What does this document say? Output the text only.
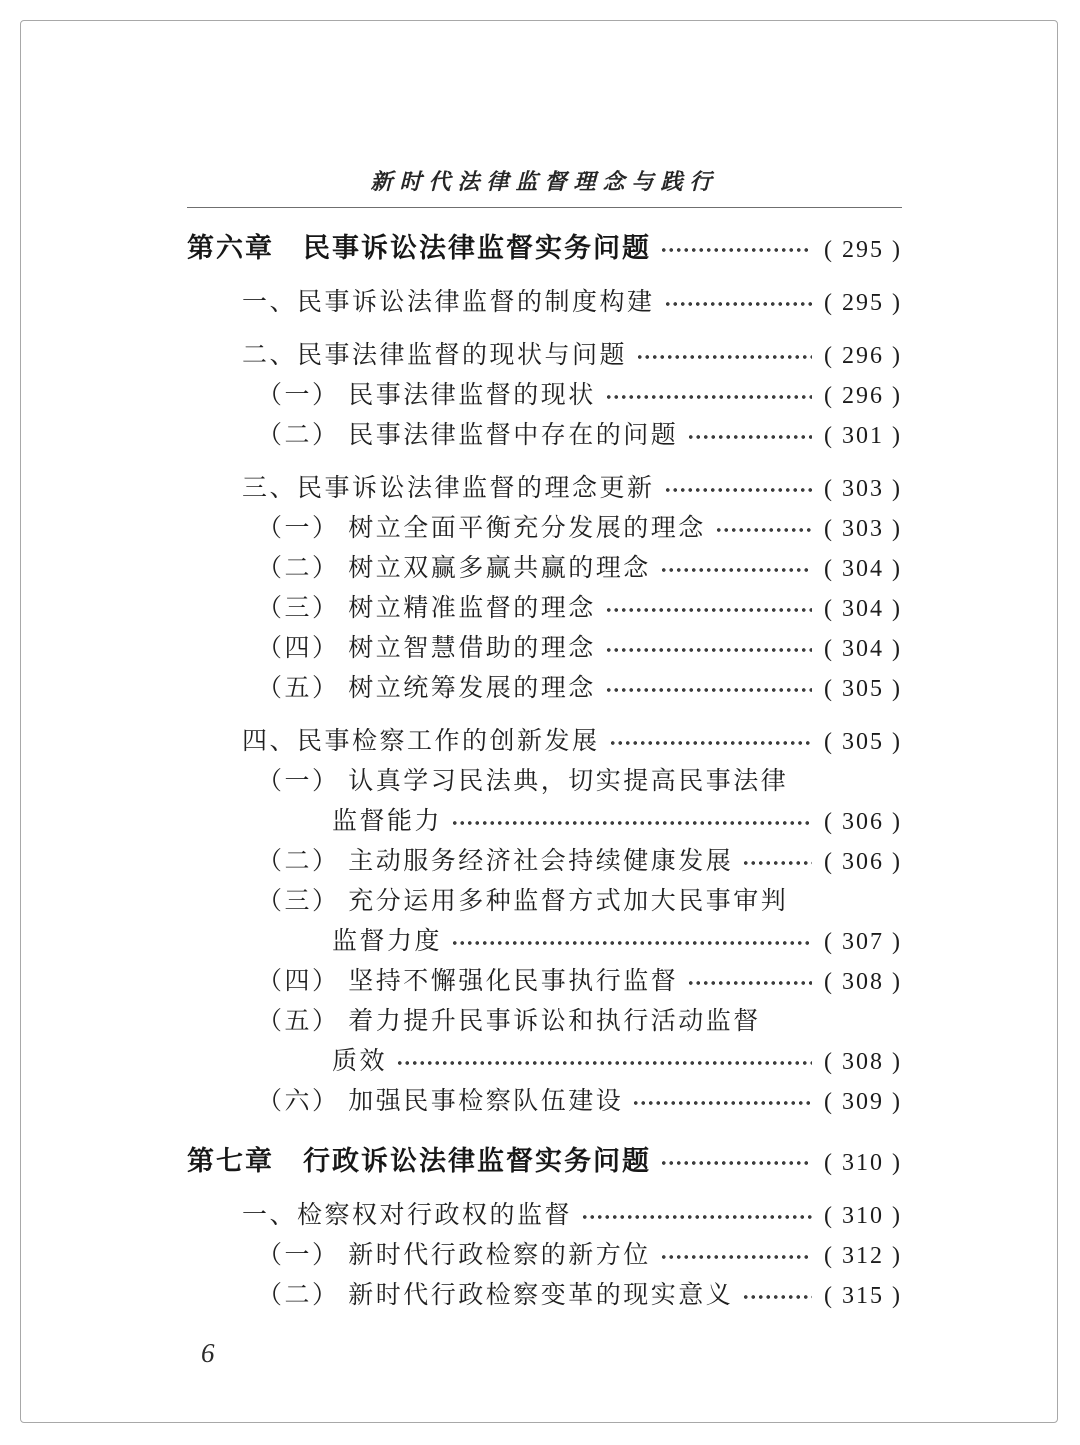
新时代法律监督理念与践行
第六章　民事诉讼法律监督实务问题	( 295 )
一、民事诉讼法律监督的制度构建	( 295 )
二、民事法律监督的现状与问题	( 296 )
（一） 民事法律监督的现状	( 296 )
（二） 民事法律监督中存在的问题	( 301 )
三、民事诉讼法律监督的理念更新	( 303 )
（一） 树立全面平衡充分发展的理念	( 303 )
（二） 树立双赢多赢共赢的理念	( 304 )
（三） 树立精准监督的理念	( 304 )
（四） 树立智慧借助的理念	( 304 )
（五） 树立统筹发展的理念	( 305 )
四、民事检察工作的创新发展	( 305 )
（一） 认真学习民法典，切实提高民事法律
监督能力	( 306 )
（二） 主动服务经济社会持续健康发展	( 306 )
（三） 充分运用多种监督方式加大民事审判
监督力度	( 307 )
（四） 坚持不懈强化民事执行监督	( 308 )
（五） 着力提升民事诉讼和执行活动监督
质效	( 308 )
（六） 加强民事检察队伍建设	( 309 )
第七章　行政诉讼法律监督实务问题	( 310 )
一、检察权对行政权的监督	( 310 )
（一） 新时代行政检察的新方位	( 312 )
（二） 新时代行政检察变革的现实意义	( 315 )
6
